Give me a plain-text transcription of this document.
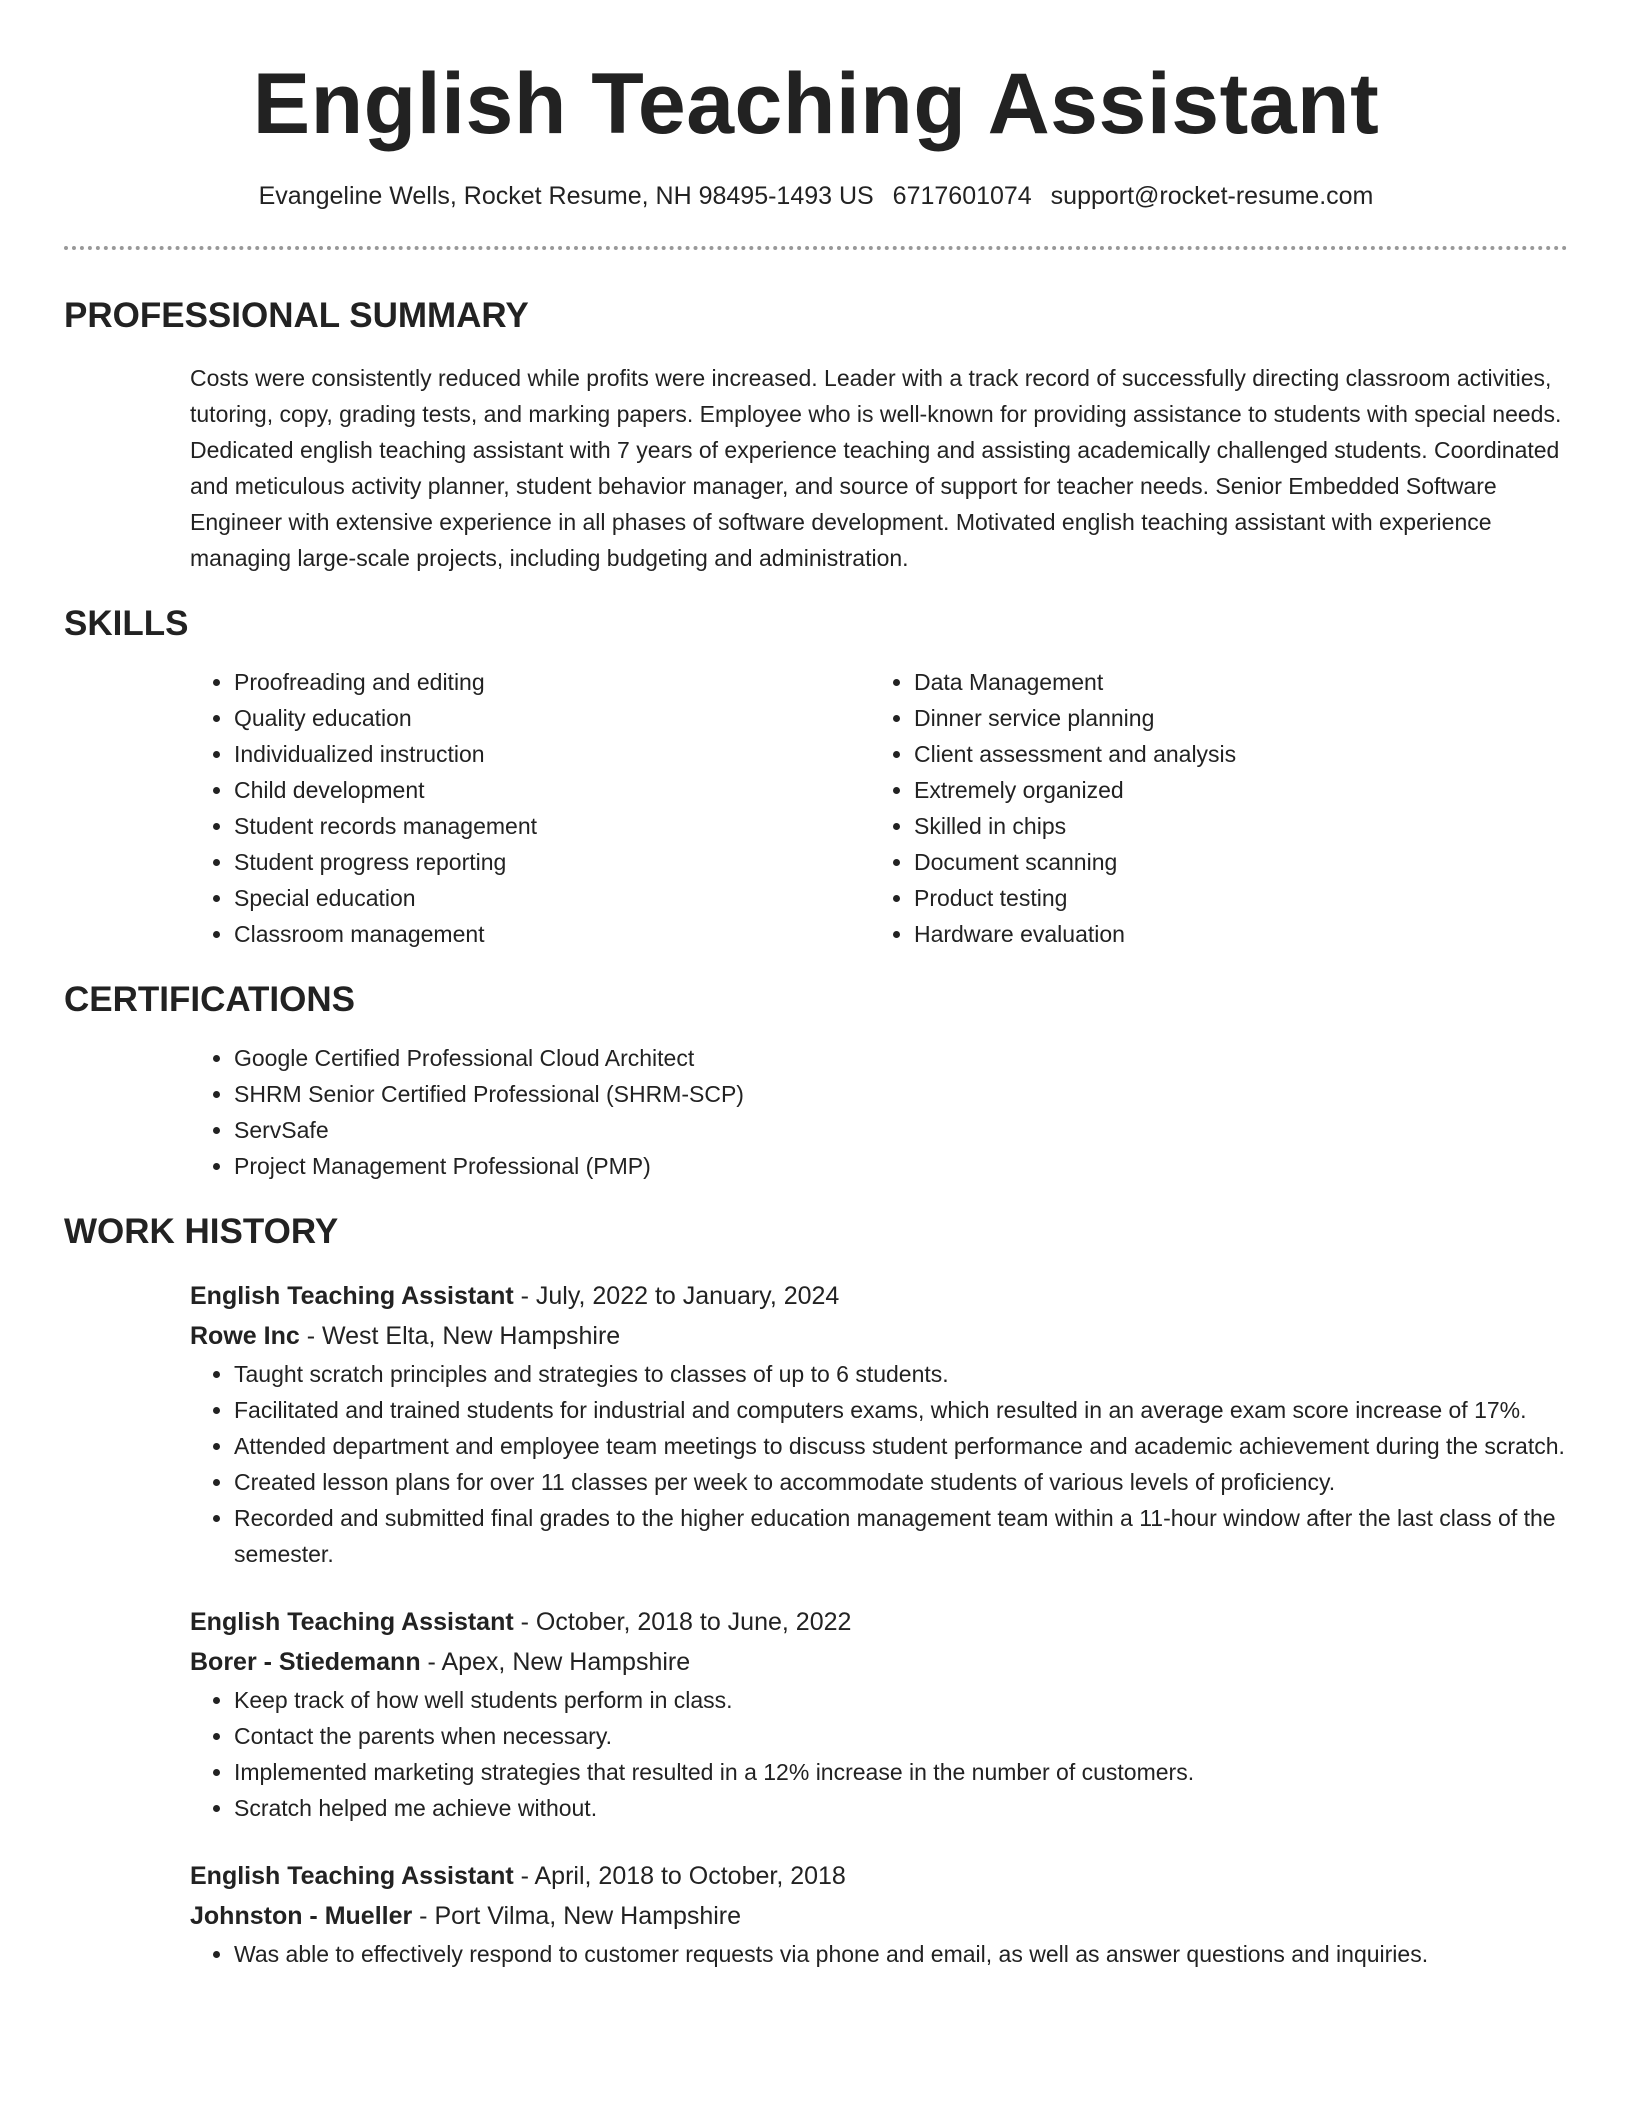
English Teaching Assistant
Evangeline Wells, Rocket Resume, NH 98495-1493 US 6717601074 support@rocket-resume.com
PROFESSIONAL SUMMARY
Costs were consistently reduced while profits were increased. Leader with a track record of successfully directing classroom activities, tutoring, copy, grading tests, and marking papers. Employee who is well-known for providing assistance to students with special needs. Dedicated english teaching assistant with 7 years of experience teaching and assisting academically challenged students. Coordinated and meticulous activity planner, student behavior manager, and source of support for teacher needs. Senior Embedded Software Engineer with extensive experience in all phases of software development. Motivated english teaching assistant with experience managing large-scale projects, including budgeting and administration.
SKILLS
• Proofreading and editing
• Quality education
• Individualized instruction
• Child development
• Student records management
• Student progress reporting
• Special education
• Classroom management
• Data Management
• Dinner service planning
• Client assessment and analysis
• Extremely organized
• Skilled in chips
• Document scanning
• Product testing
• Hardware evaluation
CERTIFICATIONS
• Google Certified Professional Cloud Architect
• SHRM Senior Certified Professional (SHRM-SCP)
• ServSafe
• Project Management Professional (PMP)
WORK HISTORY
English Teaching Assistant - July, 2022 to January, 2024
Rowe Inc - West Elta, New Hampshire
• Taught scratch principles and strategies to classes of up to 6 students.
• Facilitated and trained students for industrial and computers exams, which resulted in an average exam score increase of 17%.
• Attended department and employee team meetings to discuss student performance and academic achievement during the scratch.
• Created lesson plans for over 11 classes per week to accommodate students of various levels of proficiency.
• Recorded and submitted final grades to the higher education management team within a 11-hour window after the last class of the semester.
English Teaching Assistant - October, 2018 to June, 2022
Borer - Stiedemann - Apex, New Hampshire
• Keep track of how well students perform in class.
• Contact the parents when necessary.
• Implemented marketing strategies that resulted in a 12% increase in the number of customers.
• Scratch helped me achieve without.
English Teaching Assistant - April, 2018 to October, 2018
Johnston - Mueller - Port Vilma, New Hampshire
• Was able to effectively respond to customer requests via phone and email, as well as answer questions and inquiries.
